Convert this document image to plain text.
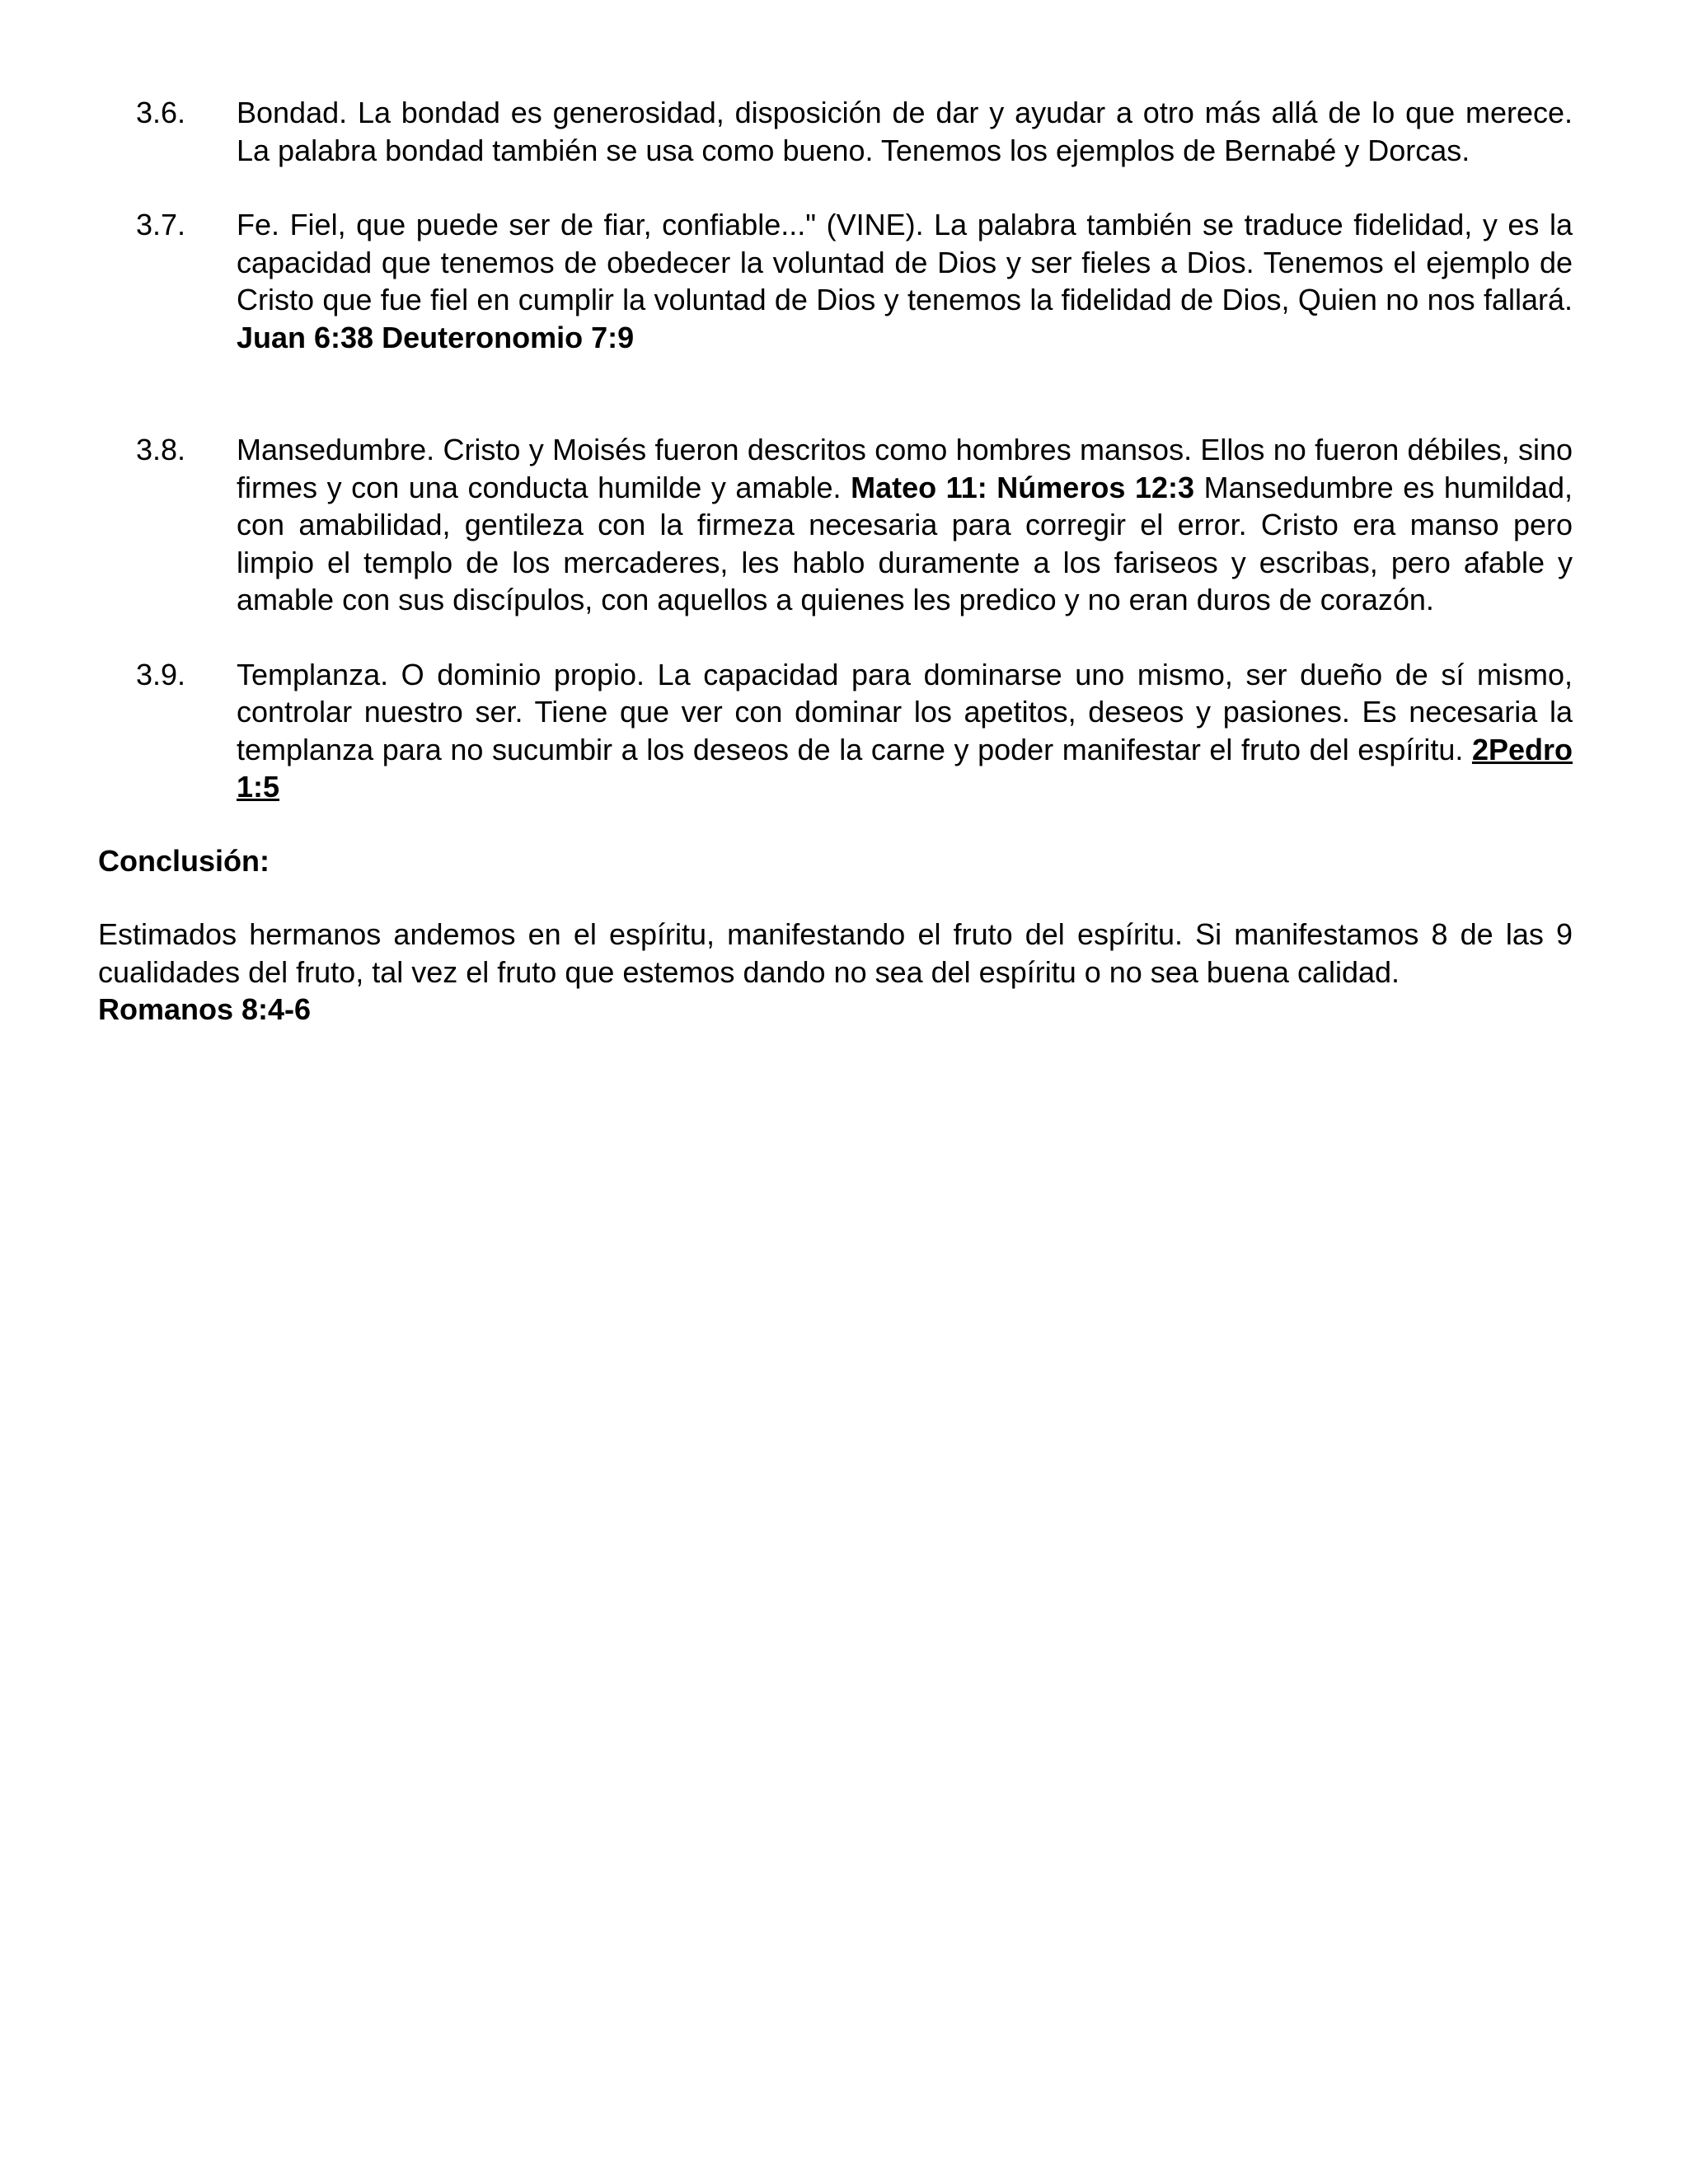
3.6.	Bondad. La bondad es generosidad, disposición de dar y ayudar a otro más allá de lo que merece. La palabra bondad también se usa como bueno. Tenemos los ejemplos de Bernabé y Dorcas.
3.7.	Fe. Fiel, que puede ser de fiar, confiable..." (VINE). La palabra también se traduce fidelidad, y es la capacidad que tenemos de obedecer la voluntad de Dios y ser fieles a Dios. Tenemos el ejemplo de Cristo que fue fiel en cumplir la voluntad de Dios y tenemos la fidelidad de Dios, Quien no nos fallará. Juan 6:38 Deuteronomio 7:9
3.8.	Mansedumbre. Cristo y Moisés fueron descritos como hombres mansos. Ellos no fueron débiles, sino firmes y con una conducta humilde y amable. Mateo 11: Números 12:3 Mansedumbre es humildad, con amabilidad, gentileza con la firmeza necesaria para corregir el error. Cristo era manso pero limpio el templo de los mercaderes, les hablo duramente a los fariseos y escribas, pero afable y amable con sus discípulos, con aquellos a quienes les predico y no eran duros de corazón.
3.9.	Templanza. O dominio propio. La capacidad para dominarse uno mismo, ser dueño de sí mismo, controlar nuestro ser. Tiene que ver con dominar los apetitos, deseos y pasiones. Es necesaria la templanza para no sucumbir a los deseos de la carne y poder manifestar el fruto del espíritu. 2Pedro 1:5
Conclusión:
Estimados hermanos andemos en el espíritu, manifestando el fruto del espíritu. Si manifestamos 8 de las 9 cualidades del fruto, tal vez el fruto que estemos dando no sea del espíritu o no sea buena calidad.
Romanos 8:4-6
